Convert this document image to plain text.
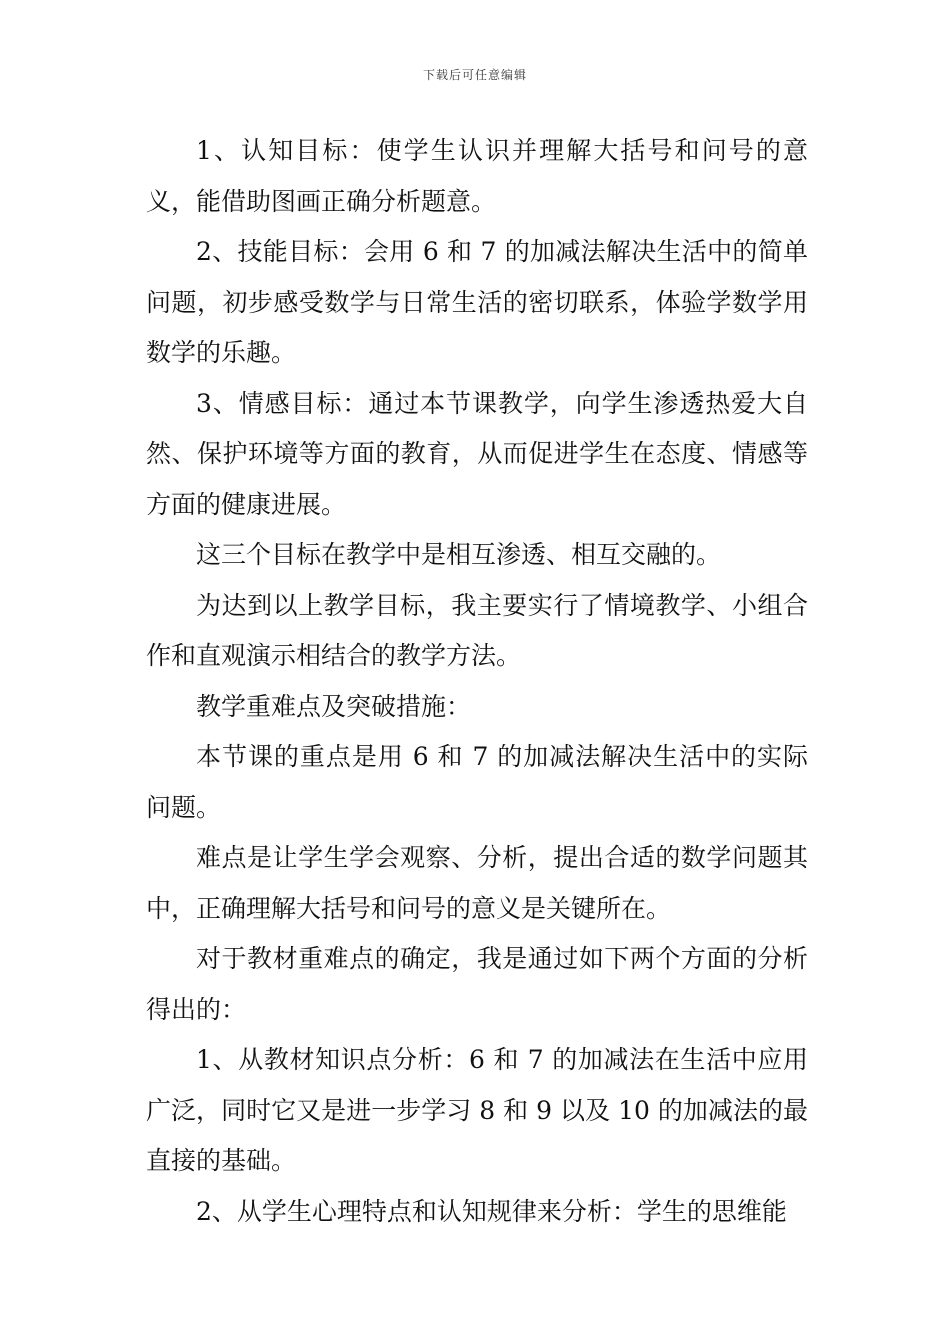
下载后可任意编辑

1、认知目标：使学生认识并理解大括号和问号的意义，能借助图画正确分析题意。

2、技能目标：会用 6 和 7 的加减法解决生活中的简单问题，初步感受数学与日常生活的密切联系，体验学数学用数学的乐趣。

3、情感目标：通过本节课教学，向学生渗透热爱大自然、保护环境等方面的教育，从而促进学生在态度、情感等方面的健康进展。

这三个目标在教学中是相互渗透、相互交融的。

为达到以上教学目标，我主要实行了情境教学、小组合作和直观演示相结合的教学方法。

教学重难点及突破措施：

本节课的重点是用 6 和 7 的加减法解决生活中的实际问题。

难点是让学生学会观察、分析，提出合适的数学问题其中，正确理解大括号和问号的意义是关键所在。

对于教材重难点的确定，我是通过如下两个方面的分析得出的：

1、从教材知识点分析：6 和 7 的加减法在生活中应用广泛，同时它又是进一步学习 8 和 9 以及 10 的加减法的最直接的基础。

2、从学生心理特点和认知规律来分析：学生的思维能
